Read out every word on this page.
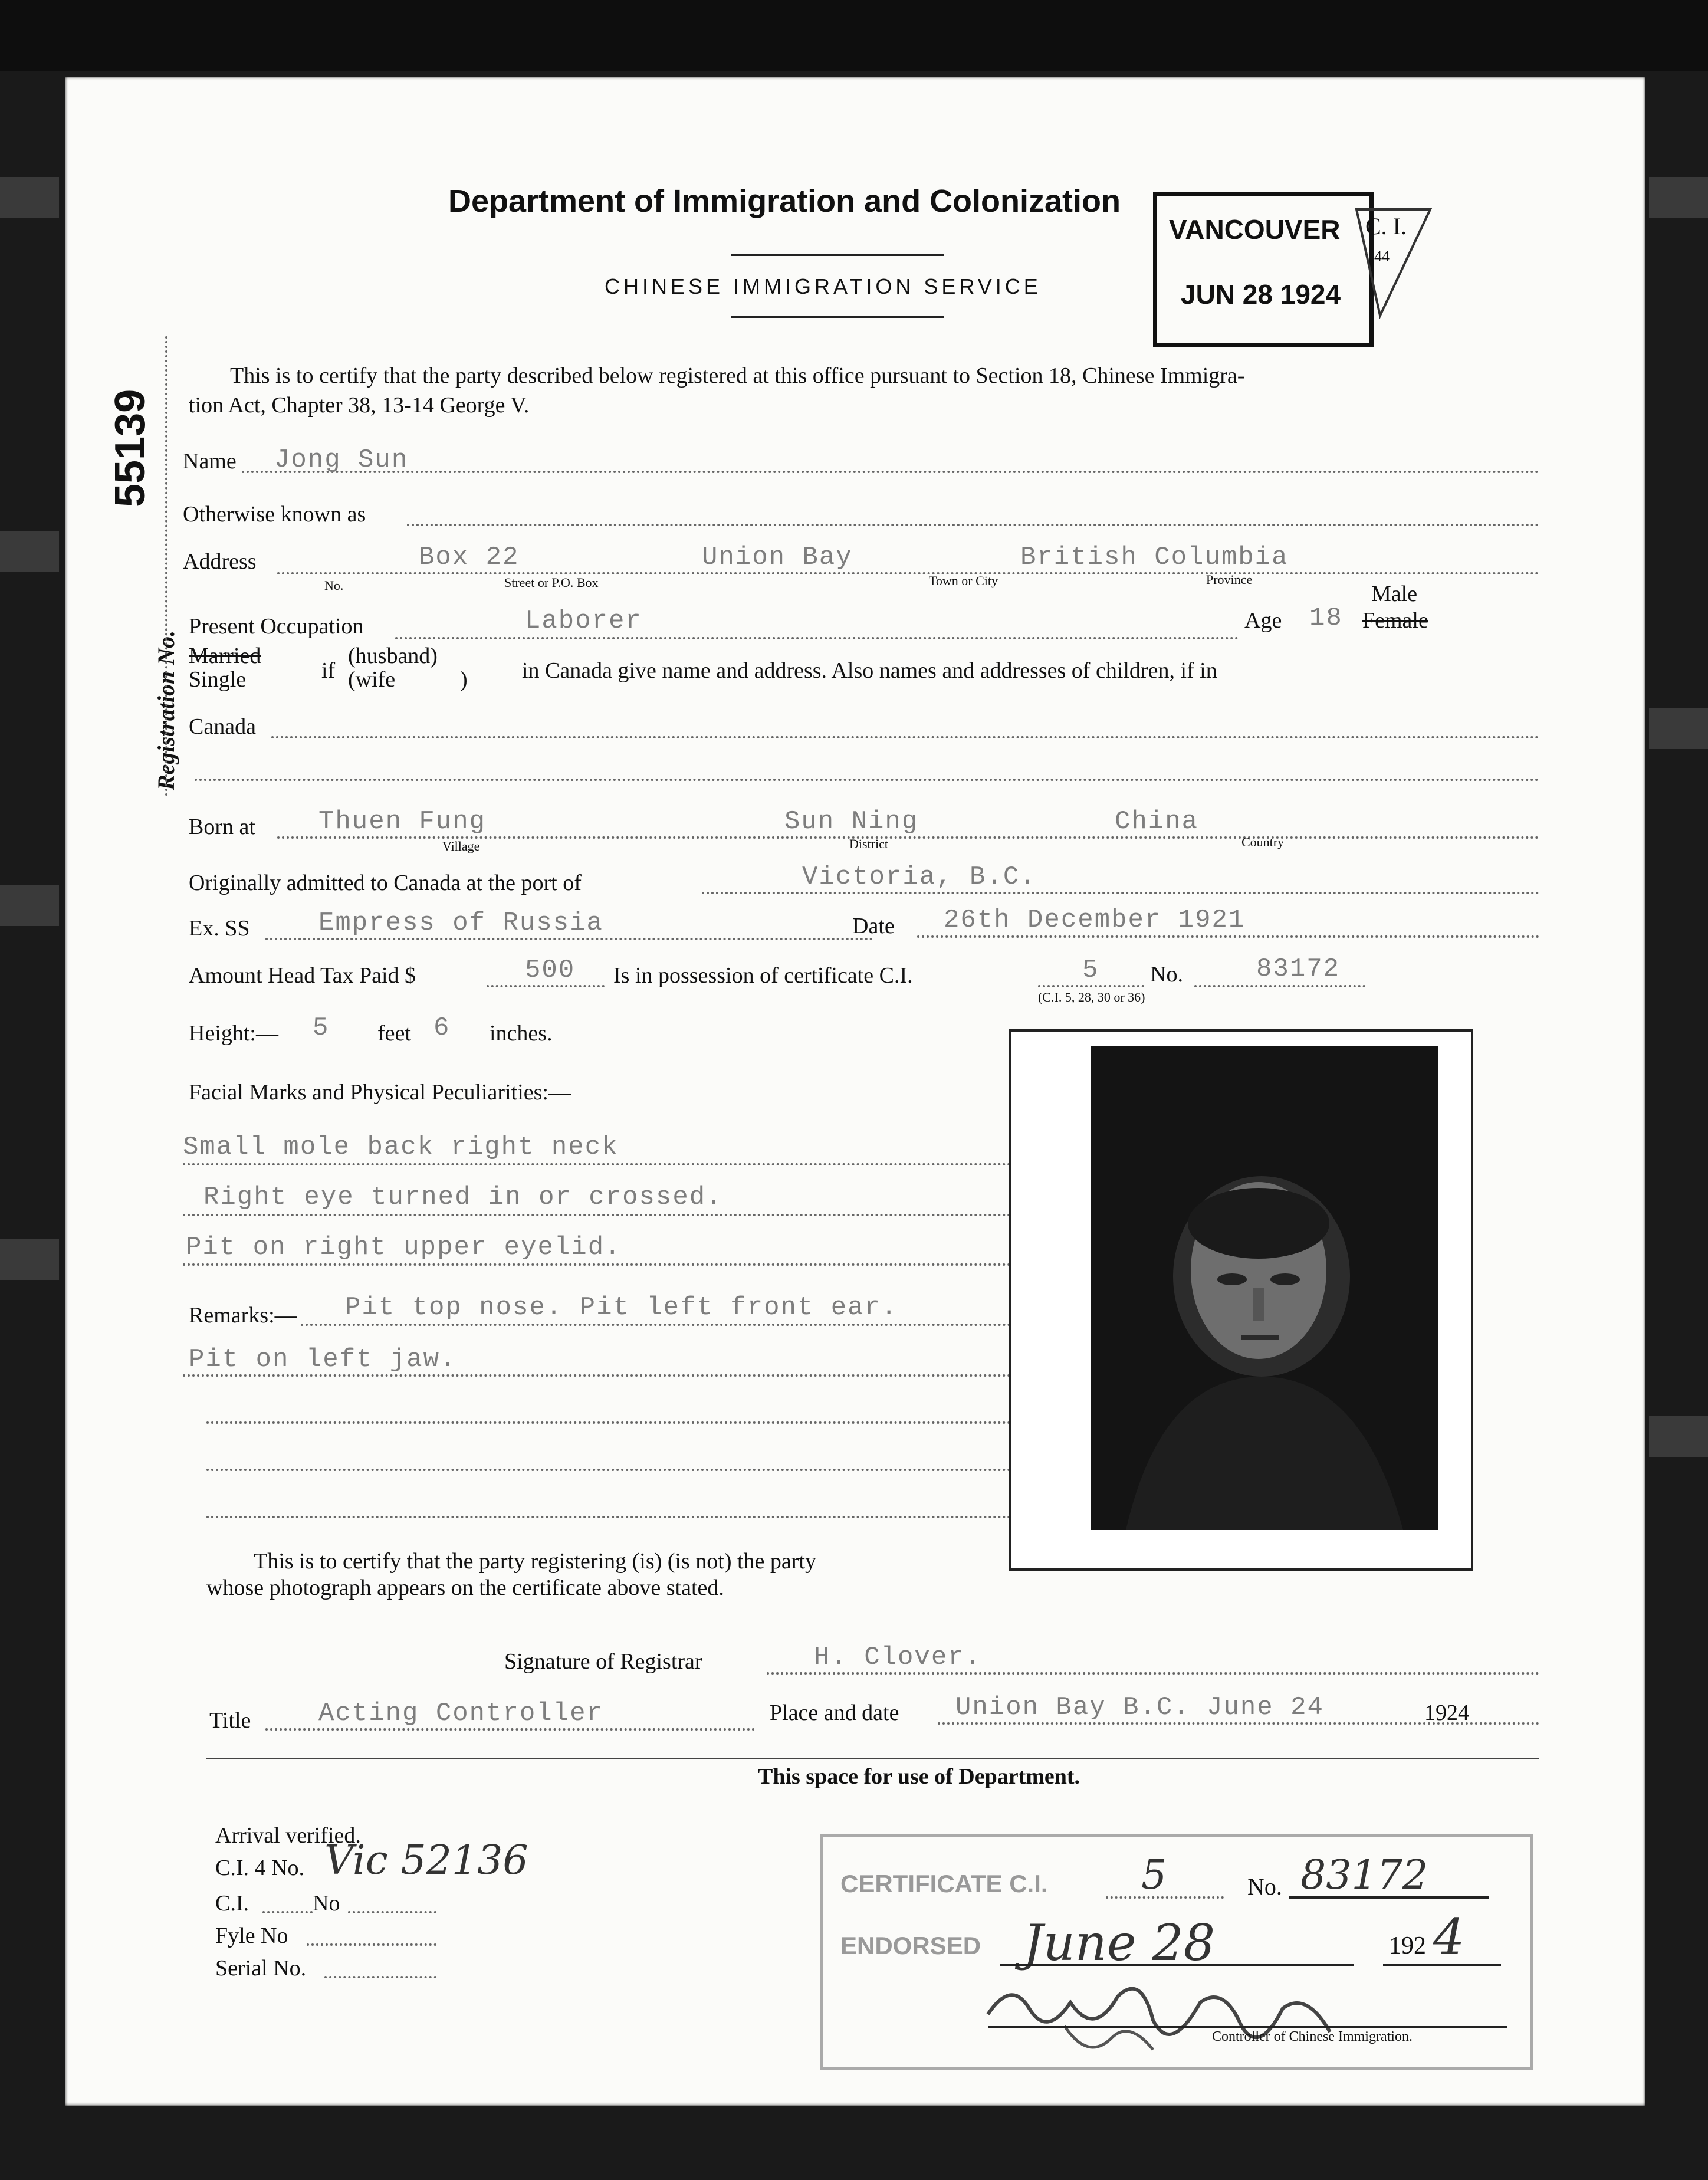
Department of Immigration and Colonization
CHINESE IMMIGRATION SERVICE
VANCOUVER
JUN 28 1924
C. I.
44
55139
Registration No.
This is to certify that the party described below registered at this office pursuant to Section 18, Chinese Immigra-
tion Act, Chapter 38, 13-14 George V.
Name Jong Sun
Otherwise known as
Address	Box 22	Union Bay	British Columbia
No.	Street or P.O. Box	Town or City	Province
Present Occupation	Laborer	Age 18
Male
Female
Married
Single	if
(husband)
(wife	) in Canada give name and address. Also names and addresses of children, if in
Canada
Born at Thuen Fung	Sun Ning	China
Village	District	Country
Originally admitted to Canada at the port of	Victoria, B.C.
Ex. SS	Empress of Russia	Date 26th December 1921
Amount Head Tax Paid $	500 Is in possession of certificate C.I.	5 No.	83172
(C.I. 5, 28, 30 or 36)
Height:— 5 feet 6 inches.
Facial Marks and Physical Peculiarities:—
Small mole back right neck
Right eye turned in or crossed.
Pit on right upper eyelid.
Remarks:— Pit top nose. Pit left front ear.
Pit on left jaw.
This is to certify that the party registering (is) (is not) the party
whose photograph appears on the certificate above stated.
Signature of Registrar	H. Clover.
Title	Acting Controller	Place and date Union Bay B.C. June 24	1924
This space for use of Department.
Arrival verified.
C.I. 4 No. Vic 52136
C.I.	No
Fyle No
Serial No.
CERTIFICATE C.I. 5	No. 83172
ENDORSED June 28	192 4
Controller of Chinese Immigration.
